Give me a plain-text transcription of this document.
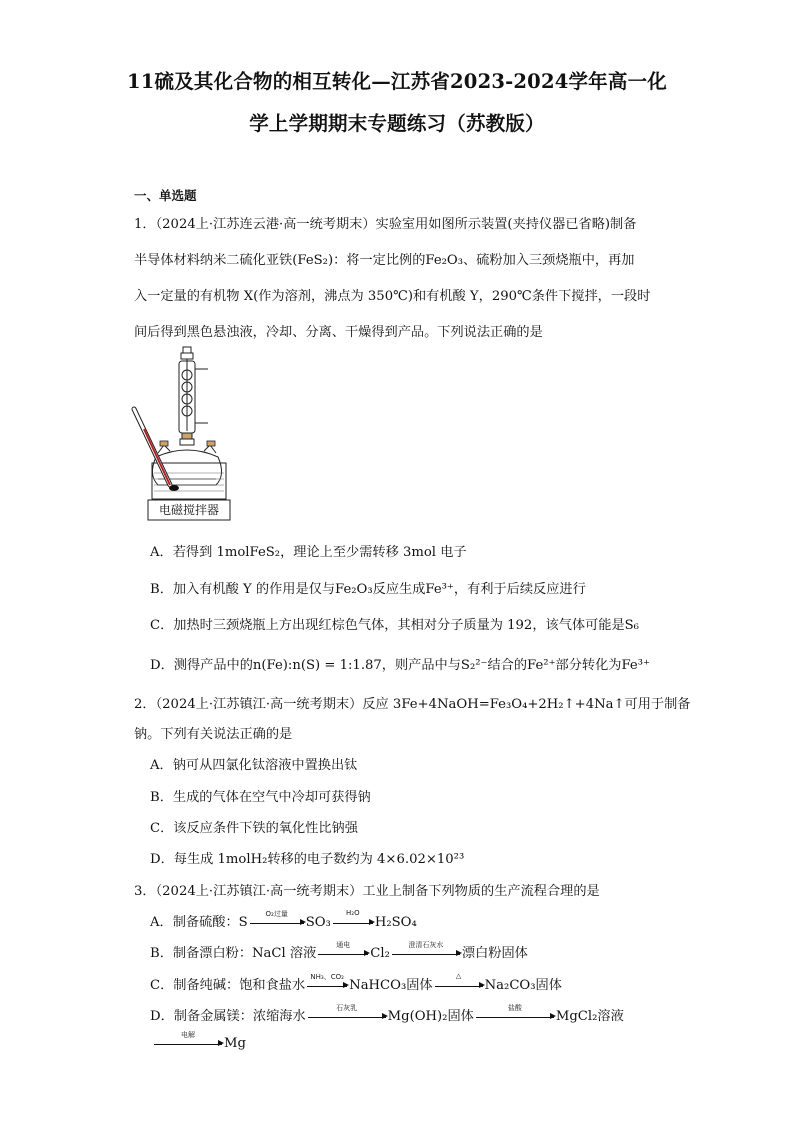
11硫及其化合物的相互转化—江苏省2023-2024学年高一化
学上学期期末专题练习（苏教版）
一、单选题
1．（2024上·江苏连云港·高一统考期末）实验室用如图所示装置(夹持仪器已省略)制备
半导体材料纳米二硫化亚铁(FeS₂)：将一定比例的Fe₂O₃、硫粉加入三颈烧瓶中，再加
入一定量的有机物 X(作为溶剂，沸点为 350℃)和有机酸 Y，290℃条件下搅拌，一段时
间后得到黑色悬浊液，冷却、分离、干燥得到产品。下列说法正确的是
电磁搅拌器
A．若得到 1molFeS₂，理论上至少需转移 3mol 电子
B．加入有机酸 Y 的作用是仅与Fe₂O₃反应生成Fe³⁺，有利于后续反应进行
C．加热时三颈烧瓶上方出现红棕色气体，其相对分子质量为 192，该气体可能是S₆
D．测得产品中的n(Fe):n(S) = 1:1.87，则产品中与S₂²⁻结合的Fe²⁺部分转化为Fe³⁺
2．（2024上·江苏镇江·高一统考期末）反应 3Fe+4NaOH=Fe₃O₄+2H₂↑+4Na↑可用于制备
钠。下列有关说法正确的是
A．钠可从四氯化钛溶液中置换出钛
B．生成的气体在空气中冷却可获得钠
C．该反应条件下铁的氧化性比钠强
D．每生成 1molH₂转移的电子数约为 4×6.02×10²³
3．（2024上·江苏镇江·高一统考期末）工业上制备下列物质的生产流程合理的是
A．制备硫酸：S
O₂过量
SO₃
H₂O
H₂SO₄
B．制备漂白粉：NaCl 溶液
通电
Cl₂
澄清石灰水
漂白粉固体
C．制备纯碱：饱和食盐水
NH₃、CO₂
NaHCO₃固体
△
Na₂CO₃固体
D．制备金属镁：浓缩海水
石灰乳
Mg(OH)₂固体
盐酸
MgCl₂溶液
电解
Mg
